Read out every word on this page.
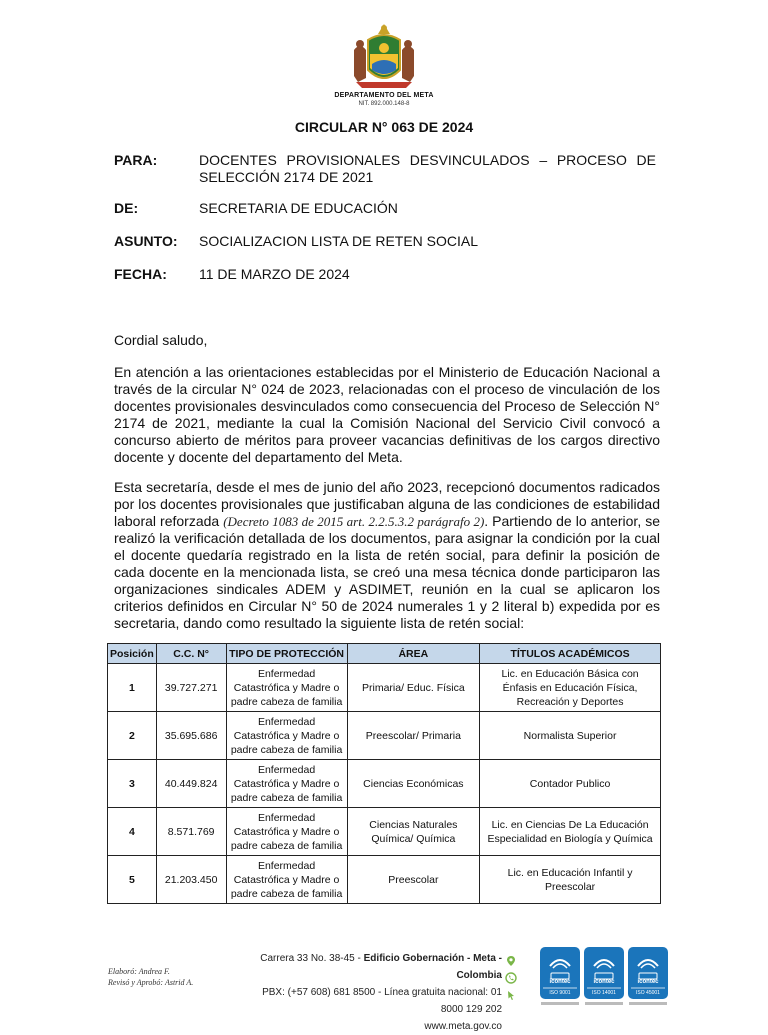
DEPARTAMENTO DEL META
NIT. 892.000.148-8
CIRCULAR N° 063 DE 2024
PARA:	DOCENTES PROVISIONALES DESVINCULADOS – PROCESO DE SELECCIÓN 2174 DE 2021
DE:	SECRETARIA DE EDUCACIÓN
ASUNTO:	SOCIALIZACION LISTA DE RETEN SOCIAL
FECHA:	11 DE MARZO DE 2024
Cordial saludo,
En atención a las orientaciones establecidas por el Ministerio de Educación Nacional a través de la circular N° 024 de 2023, relacionadas con el proceso de vinculación de los docentes provisionales desvinculados como consecuencia del Proceso de Selección N° 2174 de 2021, mediante la cual la Comisión Nacional del Servicio Civil convocó a concurso abierto de méritos para proveer vacancias definitivas de los cargos directivo docente y docente del departamento del Meta.
Esta secretaría, desde el mes de junio del año 2023, recepcionó documentos radicados por los docentes provisionales que justificaban alguna de las condiciones de estabilidad laboral reforzada (Decreto 1083 de 2015 art. 2.2.5.3.2 parágrafo 2). Partiendo de lo anterior, se realizó la verificación detallada de los documentos, para asignar la condición por la cual el docente quedaría registrado en la lista de retén social, para definir la posición de cada docente en la mencionada lista, se creó una mesa técnica donde participaron las organizaciones sindicales ADEM y ASDIMET, reunión en la cual se aplicaron los criterios definidos en Circular N° 50 de 2024 numerales 1 y 2 literal b) expedida por es secretaria, dando como resultado la siguiente lista de retén social:
Posición	C.C. N°	TIPO DE PROTECCIÓN	ÁREA	TÍTULOS ACADÉMICOS
1	39.727.271	Enfermedad Catastrófica y Madre o padre cabeza de familia	Primaria/ Educ. Física	Lic. en Educación Básica con Énfasis en Educación Física, Recreación y Deportes
2	35.695.686	Enfermedad Catastrófica y Madre o padre cabeza de familia	Preescolar/ Primaria	Normalista Superior
3	40.449.824	Enfermedad Catastrófica y Madre o padre cabeza de familia	Ciencias Económicas	Contador Publico
4	8.571.769	Enfermedad Catastrófica y Madre o padre cabeza de familia	Ciencias Naturales Química/ Química	Lic. en Ciencias De La Educación Especialidad en Biología y Química
5	21.203.450	Enfermedad Catastrófica y Madre o padre cabeza de familia	Preescolar	Lic. en Educación Infantil y Preescolar
Elaboró: Andrea F.
Revisó y Aprobó: Astrid A.
Carrera 33 No. 38-45 - Edificio Gobernación - Meta - Colombia
PBX: (+57 608) 681 8500 - Línea gratuita nacional: 01 8000 129 202
www.meta.gov.co
icontec	icontec	icontec
ISO 9001	ISO 14001	ISO 45001
